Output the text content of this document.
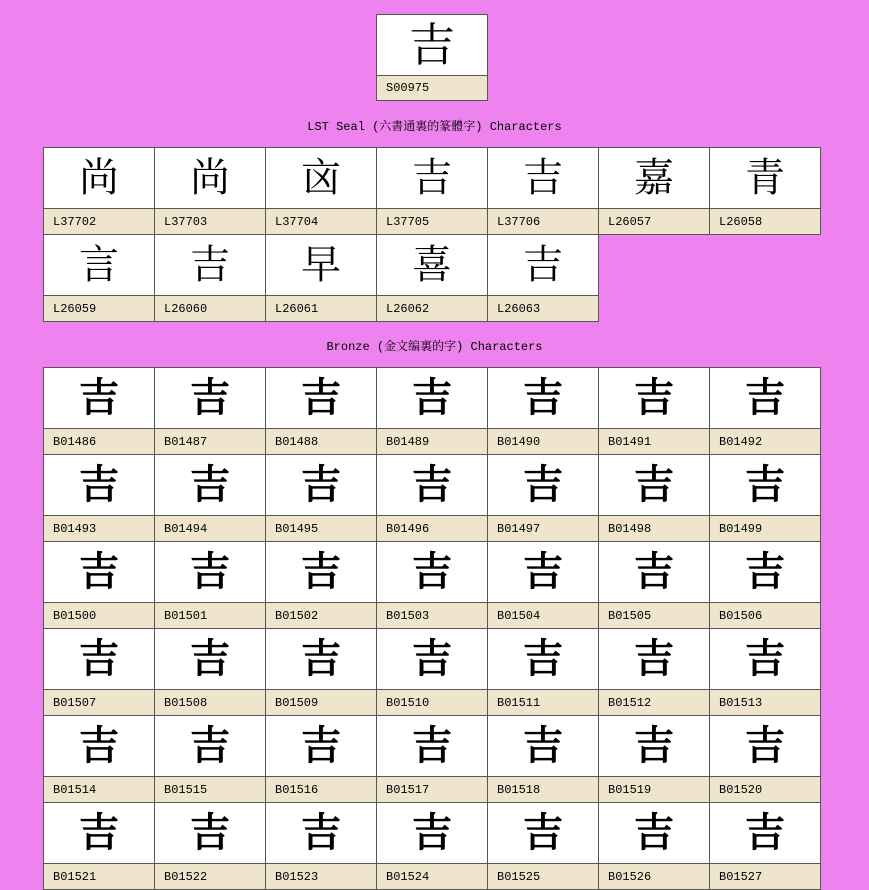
吉
S00975
LST Seal (六書通裏的篆體字) Characters
尚
L37702
尚
L37703
㐫
L37704
吉
L37705
吉
L37706
嘉
L26057
青
L26058
言
L26059
吉
L26060
早
L26061
喜
L26062
吉
L26063
Bronze (金文编裏的字) Characters
吉
B01486
吉
B01487
吉
B01488
吉
B01489
吉
B01490
吉
B01491
吉
B01492
吉
B01493
吉
B01494
吉
B01495
吉
B01496
吉
B01497
吉
B01498
吉
B01499
吉
B01500
吉
B01501
吉
B01502
吉
B01503
吉
B01504
吉
B01505
吉
B01506
吉
B01507
吉
B01508
吉
B01509
吉
B01510
吉
B01511
吉
B01512
吉
B01513
吉
B01514
吉
B01515
吉
B01516
吉
B01517
吉
B01518
吉
B01519
吉
B01520
吉
B01521
吉
B01522
吉
B01523
吉
B01524
吉
B01525
吉
B01526
吉
B01527
